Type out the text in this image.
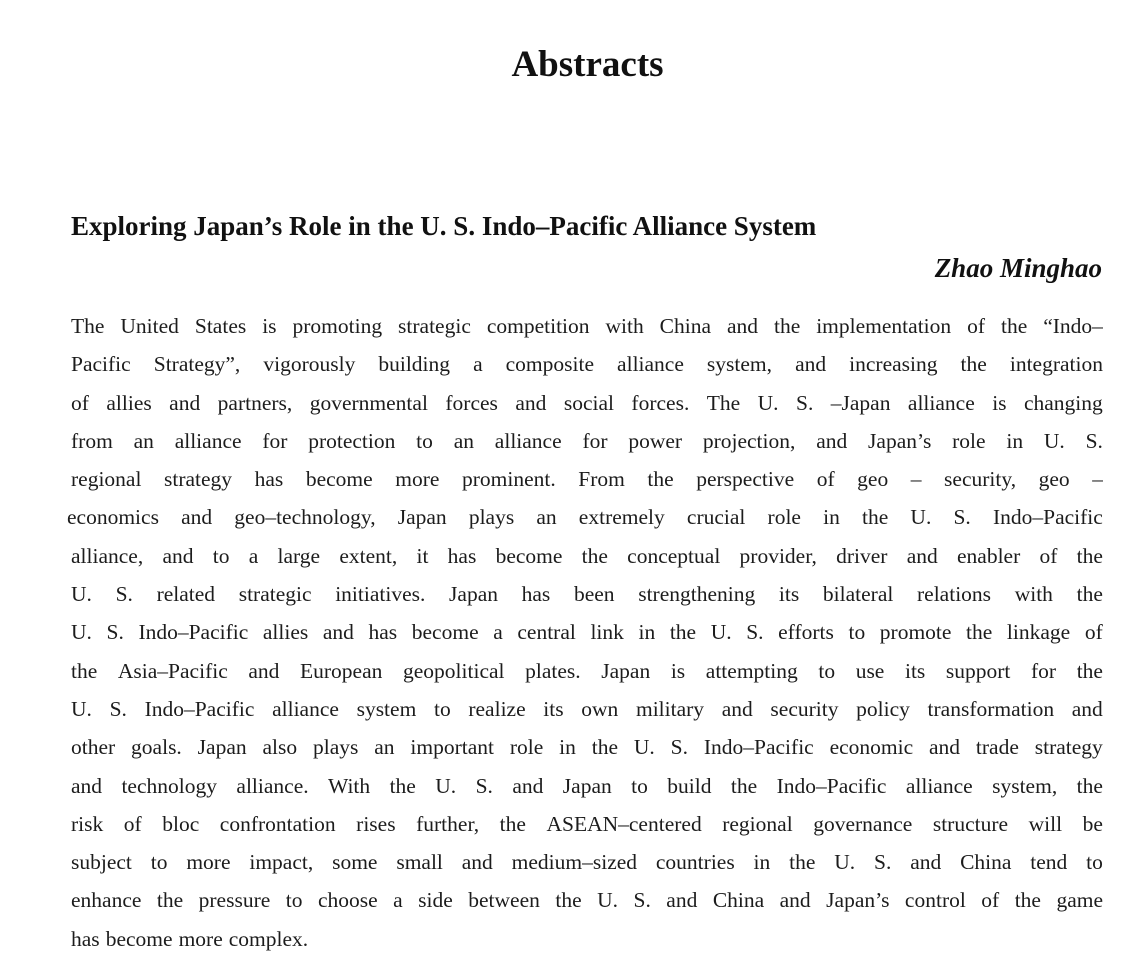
Abstracts
Exploring Japan’s Role in the U. S. Indo–Pacific Alliance System
Zhao Minghao
The United States is promoting strategic competition with China and the implementation of the “Indo–
Pacific Strategy”, vigorously building a composite alliance system, and increasing the integration
of allies and partners, governmental forces and social forces. The U. S. –Japan alliance is changing
from an alliance for protection to an alliance for power projection, and Japan’s role in U. S.
regional strategy has become more prominent. From the perspective of geo – security, geo –
economics and geo–technology, Japan plays an extremely crucial role in the U. S. Indo–Pacific
alliance, and to a large extent, it has become the conceptual provider, driver and enabler of the
U. S. related strategic initiatives. Japan has been strengthening its bilateral relations with the
U. S. Indo–Pacific allies and has become a central link in the U. S. efforts to promote the linkage of
the Asia–Pacific and European geopolitical plates. Japan is attempting to use its support for the
U. S. Indo–Pacific alliance system to realize its own military and security policy transformation and
other goals. Japan also plays an important role in the U. S. Indo–Pacific economic and trade strategy
and technology alliance. With the U. S. and Japan to build the Indo–Pacific alliance system, the
risk of bloc confrontation rises further, the ASEAN–centered regional governance structure will be
subject to more impact, some small and medium–sized countries in the U. S. and China tend to
enhance the pressure to choose a side between the U. S. and China and Japan’s control of the game
has become more complex.
